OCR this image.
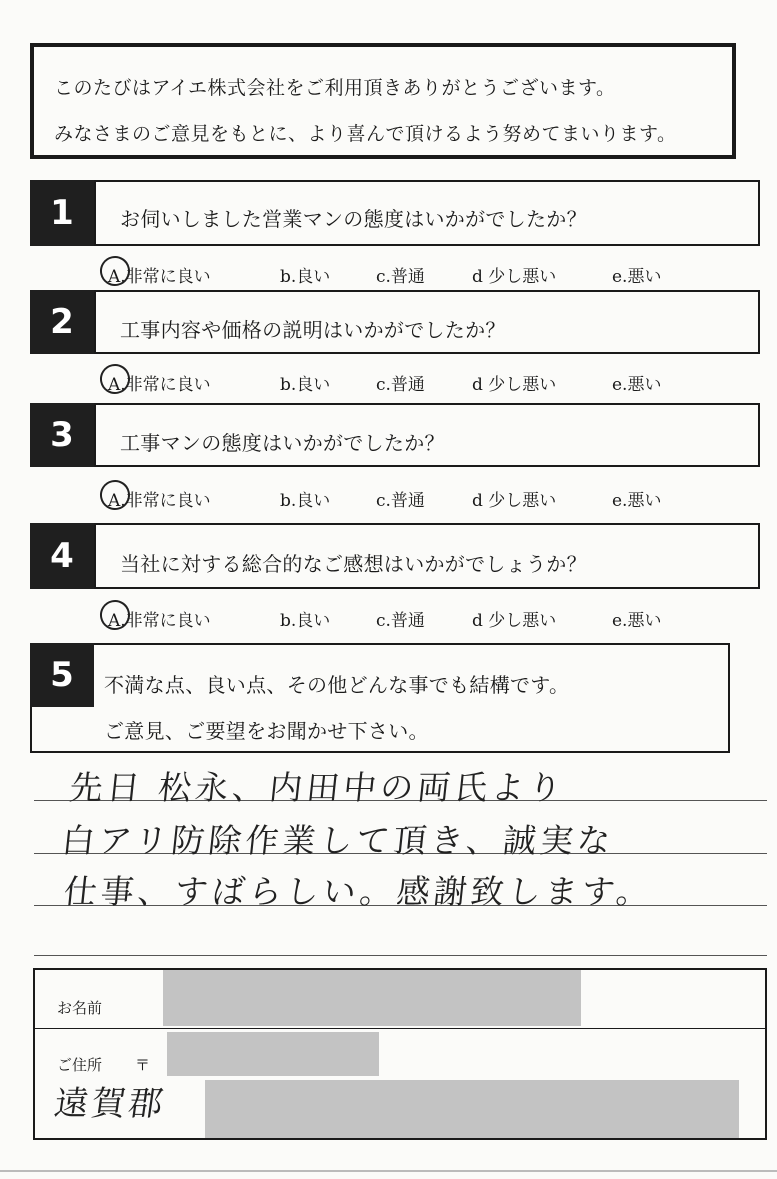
このたびはアイエ株式会社をご利用頂きありがとうございます。
みなさまのご意見をもとに、より喜んで頂けるよう努めてまいります。
1	お伺いしました営業マンの態度はいかがでしたか？
A.非常に良い	b.良い	c.普通	d 少し悪い	e.悪い
2	工事内容や価格の説明はいかがでしたか？
A.非常に良い	b.良い	c.普通	d 少し悪い	e.悪い
3	工事マンの態度はいかがでしたか？
A.非常に良い	b.良い	c.普通	d 少し悪い	e.悪い
4	当社に対する総合的なご感想はいかがでしょうか？
A.非常に良い	b.良い	c.普通	d 少し悪い	e.悪い
5	不満な点、良い点、その他どんな事でも結構です。
ご意見、ご要望をお聞かせ下さい。
先日 松永、内田中の両氏より
白アリ防除作業して頂き、誠実な
仕事、すばらしい。感謝致します。
お名前
ご住所 〒
遠賀郡
